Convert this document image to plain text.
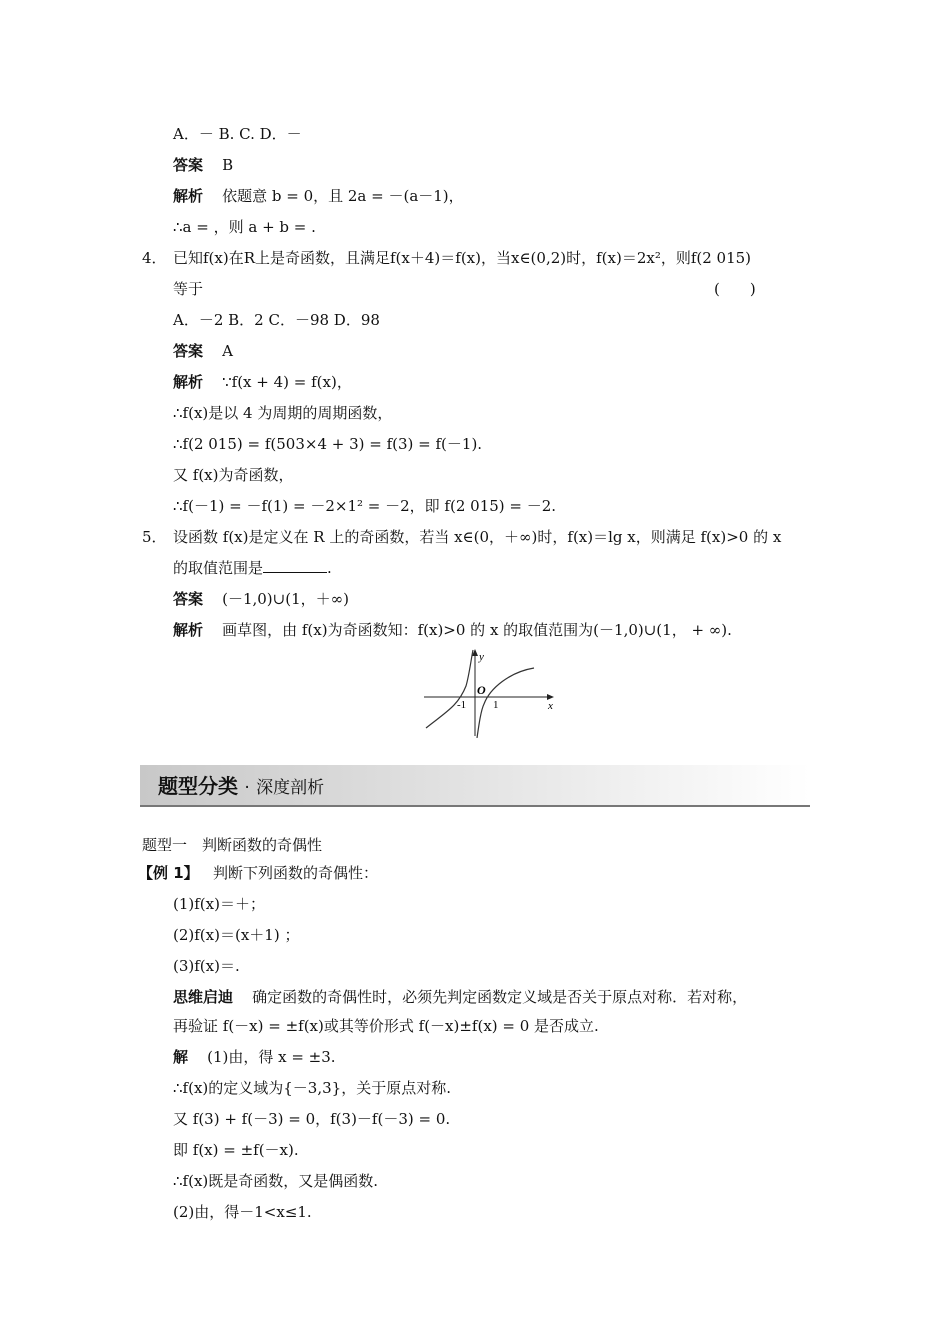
A．－ B. C. D．－
答案 B
解析 依题意 b = 0，且 2a = －(a－1)，
∴a = ，则 a + b = .
4． 已知f(x)在R上是奇函数，且满足f(x＋4)＝f(x)，当x∈(0,2)时，f(x)＝2x²，则f(2 015)
等于	(　　)
A．－2 B．2 C．－98 D．98
答案 A
解析 ∵f(x + 4) = f(x)，
∴f(x)是以 4 为周期的周期函数，
∴f(2 015) = f(503×4 + 3) = f(3) = f(－1).
又 f(x)为奇函数，
∴f(－1) = －f(1) = －2×1² = －2，即 f(2 015) = －2.
5． 设函数 f(x)是定义在 R 上的奇函数，若当 x∈(0，＋∞)时，f(x)＝lg x，则满足 f(x)>0 的 x
的取值范围是	.
答案 (－1,0)∪(1，＋∞)
解析 画草图，由 f(x)为奇函数知：f(x)>0 的 x 的取值范围为(－1,0)∪(1， + ∞).
y
x
O
-1 1
题型分类 · 深度剖析
题型一　判断函数的奇偶性
【例 1】 判断下列函数的奇偶性：
(1)f(x)＝＋；
(2)f(x)＝(x＋1) ；
(3)f(x)＝.
思维启迪 确定函数的奇偶性时，必须先判定函数定义域是否关于原点对称．若对称，
再验证 f(－x) = ±f(x)或其等价形式 f(－x)±f(x) = 0 是否成立.
解 (1)由，得 x = ±3.
∴f(x)的定义域为{－3,3}，关于原点对称.
又 f(3) + f(－3) = 0，f(3)－f(－3) = 0.
即 f(x) = ±f(－x).
∴f(x)既是奇函数，又是偶函数.
(2)由，得－1<x≤1.
